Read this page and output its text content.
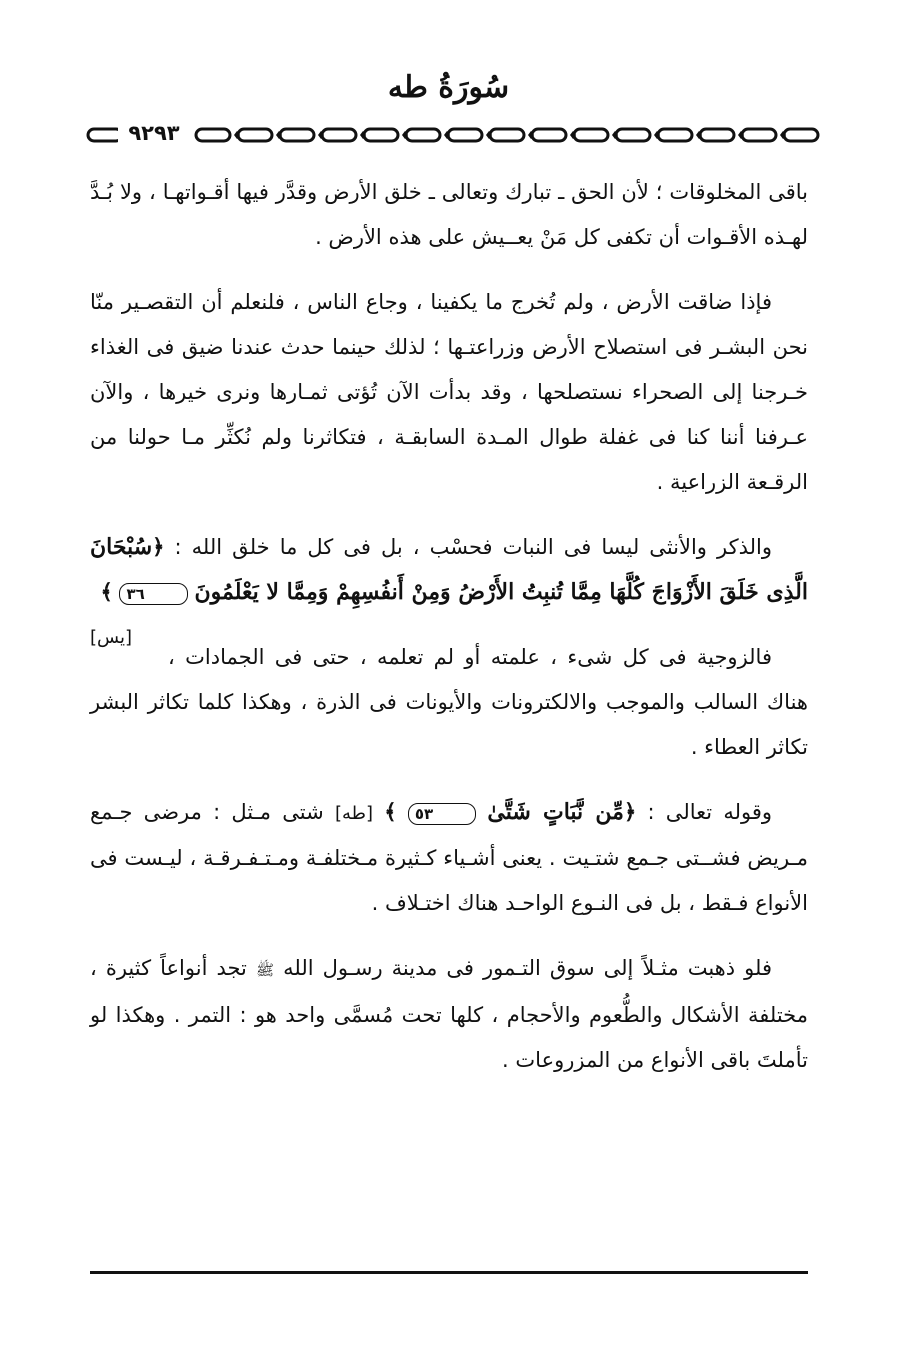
سُورَةُ طه
٩٢٩٣

باقى المخلوقات ؛ لأن الحق ـ تبارك وتعالى ـ خلق الأرض وقدَّر فيها أقـواتهـا ، ولا بُـدَّ لهـذه الأقـوات أن تكفى كل مَنْ يعــيش على هذه الأرض .

فإذا ضاقت الأرض ، ولم تُخرج ما يكفينا ، وجاع الناس ، فلنعلم أن التقصـير منّا نحن البشـر فى استصلاح الأرض وزراعتـها ؛ لذلك حينما حدث عندنا ضيق فى الغذاء خـرجنا إلى الصحراء نستصلحها ، وقد بدأت الآن تُؤتى ثمـارها ونرى خيرها ، والآن عـرفنا أننا كنا فى غفلة طوال المـدة السابقـة ، فتكاثرنا ولم نُكثِّر مـا حولنا من الرقـعة الزراعية .

والذكر والأنثى ليسا فى النبات فحسْب ، بل فى كل ما خلق الله : ﴿سُبْحَانَ الَّذِى خَلَقَ الأَزْوَاجَ كُلَّهَا مِمَّا تُنبِتُ الأَرْضُ وَمِنْ أَنفُسِهِمْ وَمِمَّا لا يَعْلَمُونَ ٣٦ ﴾
[يس]

فالزوجية فى كل شىء ، علمته أو لم تعلمه ، حتى فى الجمادات ، هناك السالب والموجب والالكترونات والأيونات فى الذرة ، وهكذا كلما تكاثر البشر تكاثر العطاء .

وقوله تعالى : ﴿مِّن نَّبَاتٍ شَتَّىٰ ٥٣ ﴾ [طه] شتى مـثل : مرضى جـمع مـريض فشــتى جـمع شتـيت . يعنى أشـياء كـثيرة مـختلفـة ومـتـفـرقـة ، ليـست فى الأنواع فـقط ، بل فى النـوع الواحـد هناك اختـلاف .

فلو ذهبت مثـلاً إلى سوق التـمور فى مدينة رسـول الله ﷺ تجد أنواعاً كثيرة ، مختلفة الأشكال والطُّعوم والأحجام ، كلها تحت مُسمَّى واحد هو : التمر . وهكذا لو تأملتَ باقى الأنواع من المزروعات .
